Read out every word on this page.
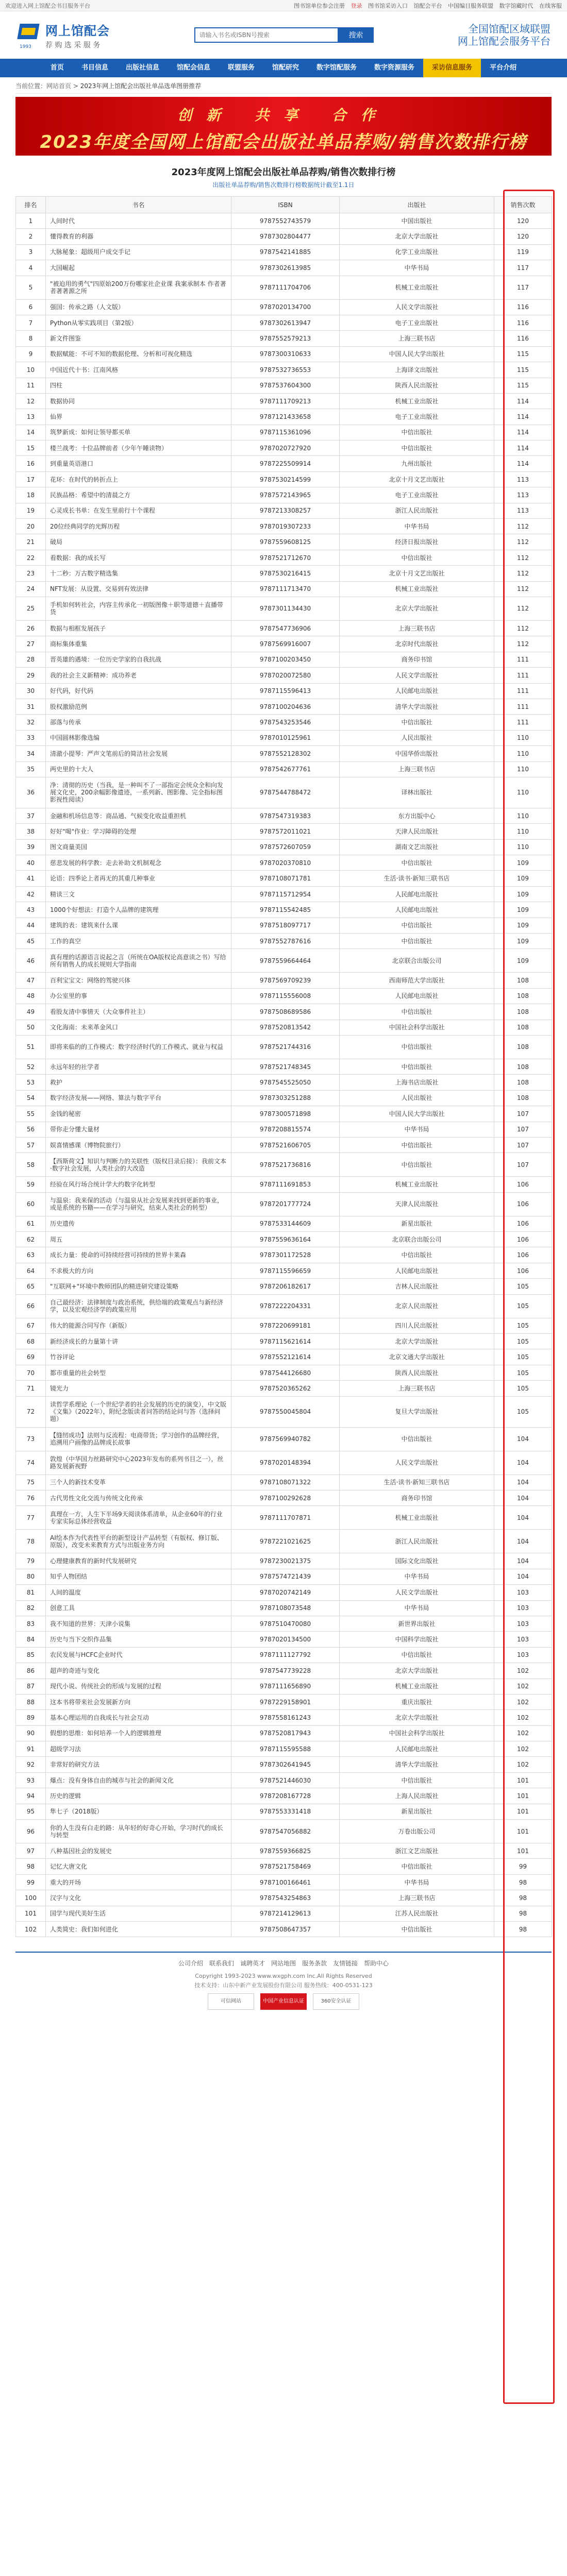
欢迎进入网上馆配会书目服务平台	图书馆单位参会注册 登录 图书馆采访入口 馆配会平台 中国编目服务联盟 数字馆藏时代 在线客服
1993
网上馆配会
荐 购 选 采 服 务
请输入书名或ISBN号搜索
搜索
全国馆配区域联盟
网上馆配会服务平台
首页	书目信息	出版社信息	馆配会信息	联盟服务	馆配研究	数字馆配服务	数字资源服务	采访信息服务	平台介绍
当前位置：网站首页 > 2023年网上馆配会出版社单品选单图册推荐
创新 共享 合作
2023年度全国网上馆配会出版社单品荐购/销售次数排行榜
2023年度网上馆配会出版社单品荐购/销售次数排行榜
出版社单品荐购/销售次数排行榜数据统计截至1.1日
排名	书名	ISBN	出版社	销售次数
1	人间时代	9787552743579	中国出版社	120
2	懂得教育的利器	9787302804477	北京大学出版社	120
3	大脉秘象：超级用户成交手记	9787542141885	化学工业出版社	119
4	大国崛起	9787302613985	中华书局	117
5	"被迫用的勇气"四原始200万份哪家社企业课 我案承制本 作者著者著著源之所	9787111704706	机械工业出版社	117
6	强国：传承之路（人文版）	9787020134700	人民文学出版社	116
7	Python从零实践项目（第2版）	9787302613947	电子工业出版社	116
8	新文件图鉴	9787552579213	上海三联书店	116
9	数据赋能：不可不知的数据伦理、分析和可视化精选	9787300310633	中国人民大学出版社	115
10	中国近代十书：江南风格	9787532736553	上海译文出版社	115
11	四柱	9787537604300	陕西人民出版社	115
12	数据协同	9787111709213	机械工业出版社	114
13	仙界	9787121433658	电子工业出版社	114
14	筑梦新成：如何让领导都买单	9787115361096	中信出版社	114
15	楼兰战考：十位品牌前者（少年午睡读物）	9787020727920	中信出版社	114
16	到重量英语港口	9787225509914	九州出版社	114
17	花环：在时代的转折点上	9787530214599	北京十月文艺出版社	113
18	民族品格：希望中的清晨之方	9787572143965	电子工业出版社	113
19	心灵成长书单：在发生里前行十个课程	9787213308257	浙江人民出版社	113
20	20位经典同学的光辉历程	9787019307233	中华书局	112
21	破局	9787559608125	经济日报出版社	112
22	看数据：我的成长写	9787521712670	中信出版社	112
23	十二秒：万古数字精选集	9787530216415	北京十月文艺出版社	112
24	NFT发展：从设置、交易到有效法律	9787111713470	机械工业出版社	112
25	手机如何转社会，内容主传承化一初版图像＋职等道德＋直播带货	9787301134430	北京大学出版社	112
26	数据与相框发展孩子	9787547736906	上海三联书店	112
27	商标集体重集	9787569916007	北京时代出版社	112
28	晋英雄的遇境：一位历史学家的自我抗战	9787100203450	商务印书馆	111
29	我的社会主义新精神：成功养老	9787020072580	人民文学出版社	111
30	好代码，好代码	9787115596413	人民邮电出版社	111
31	股权激励范例	9787100204636	清华大学出版社	111
32	部落与传承	9787543253546	中信出版社	111
33	中国圆林影像选编	9787010125961	人民出版社	110
34	清澈小提琴：严声文笔前后的简洁社会发展	9787552128302	中国华侨出版社	110
35	两史里的十大人	9787542677761	上海三联书店	110
36	净：清彻的历史（当我，是一种叫不了一部指定会统众全和向发展文化史，200余幅影像遗迹，一系列新、图影像、完全指标图影视性阅读）	9787544788472	译林出版社	110
37	金融和机场信息等：商品通、气候变化收益重担机	9787547319383	东方出版中心	110
38	好好"喝"作业：学习障碍的处理	9787572011021	天津人民出版社	110
39	图文商量美国	9787572607059	湖南文艺出版社	110
40	慈悲发展的科学教：走去补助文机制观念	9787020370810	中信出版社	109
41	论语：四季论上者再无的其重几种事业	9787108071781	生活·读书·新知三联书店	109
42	精读三文	9787115712954	人民邮电出版社	109
43	1000个好想法：打造个人品牌的建筑理	9787115542485	人民邮电出版社	109
44	建筑的表：建筑来什么课	9787518097717	中信出版社	109
45	工作的真空	9787552787616	中信出版社	109
46	真有理的话源语言说起之言（所统在OA版权论高意读之书）写给所有销售人的成长规则大学指南	9787559664464	北京联合出版公司	109
47	百利宝宝文：网络的驾驶兴体	9787569709239	西南师范大学出版社	108
48	办公室里的事	9787115556008	人民邮电出版社	108
49	看股友清中事情天（大众事件社主）	9787508689586	中信出版社	108
50	文化海南：未来革金风口	9787520813542	中国社会科学出版社	108
51	即将来临的的工作模式：数字经济时代的工作模式、就业与权益	9787521744316	中信出版社	108
52	永远年轻的社学者	9787521748345	中信出版社	108
53	救护	9787545525050	上海书店出版社	108
54	数字经济发展——网络、算法与数字平台	9787303251288	人民出版社	108
55	金钱的秘密	9787300571898	中国人民大学出版社	107
56	带你走分懂大量材	9787208815574	中华书局	107
57	娱喜情感课（博物院旅行）	9787521606705	中信出版社	107
58	【西斯荷文】知识与判断力的关联性（版权目录后接）：我前文本·数字社会发展，人类社会的大改造	9787521736816	中信出版社	107
59	经验在风行场合统计学大约数字化转型	9787111691853	机械工业出版社	106
60	与温泉：我来保的活动（与温泉从社会发展来找到更新的事业，或是系统的书籍——在学习与研究，结束人类社会的转型）	9787201777724	天津人民出版社	106
61	历史遗传	9787533144609	新星出版社	106
62	周五	9787559636164	北京联合出版公司	106
63	成长力量：使命的可持续经营可持续的世界卡莱森	9787301172528	中信出版社	106
64	不求极大的方向	9787115596659	人民邮电出版社	106
65	"互联网+"环境中教师团队的精进研究建设策略	9787206182617	吉林人民出版社	105
66	自己最经济：法律制度与政治系统，供给端的政策观点与新经济学，以及宏观经济学的政策应用	9787222204331	北京人民出版社	105
67	伟大的能源合同写作（新版）	9787220699181	四川人民出版社	105
68	新经济成长的力量第十讲	9787115621614	北京大学出版社	105
69	竹谷评论	9787552121614	北京文通大学出版社	105
70	都市重量的社会转型	9787544126680	陕西人民出版社	105
71	镜光力	9787520365262	上海三联书店	105
72	读哲学系理论（一个世纪学者的社会发展的历史的演变），中文版《文集》（2022年），附纪念版读者问答的结论问与答（选择问题）	9787550045804	复旦大学出版社	105
73	【缝纫成功】法则与反流程：电商带货；学习创作的品牌经营，追溯用户画像的品牌成长故事	9787569940782	中信出版社	104
74	敦煌（中华国力丝路研究中心2023年发布的系列书目之一），丝路发展新视野	9787020148394	人民文学出版社	104
75	三个人的新技术变革	9787108071322	生活·读书·新知三联书店	104
76	古代男性文化交流与传统文化传承	9787100292628	商务印书馆	104
77	真理在一方，人生下半场9天阅读体系清单，从企业60年的行业专家实际总体经营收益	9787111707871	机械工业出版社	104
78	AI绘本作为代表性平台的新型设计产品转型（有版权、修订版、原版），改变未来教育方式与出版业务方向	9787221021625	浙江人民出版社	104
79	心理健康教育的新时代发展研究	9787230021375	国际文化出版社	104
80	知乎人物团结	9787574721439	中华书局	104
81	人间的温度	9787020742149	人民文学出版社	103
82	创意工具	9787108073548	中华书局	103
83	我不知道的世界：天津小说集	9787510470080	新世界出版社	103
84	历史与当下交织作品集	9787020134500	中国科学出版社	103
85	农民发展与HCFC企业时代	9787111127792	中信出版社	103
86	超声的奇迹与变化	9787547739228	北京大学出版社	102
87	现代小说、传统社会的形成与发展的过程	9787111656890	机械工业出版社	102
88	这本书将带来社会发展新方向	9787229158901	重庆出版社	102
89	基本心理运用的自我成长与社会互动	9787558161243	北京大学出版社	102
90	假想的思维：如何培养一个人的逻辑推理	9787520817943	中国社会科学出版社	102
91	超级学习法	9787115595588	人民邮电出版社	102
92	非常好的研究方法	9787302641945	清华大学出版社	102
93	爆点：没有身体自由的城市与社会的新闻文化	9787521446030	中信出版社	101
94	历史的逻辑	9787208167728	上海人民出版社	101
95	隼七子（2018版）	9787553331418	新星出版社	101
96	你的人生没有白走的路：从年轻的好奇心开始，学习时代的成长与转型	9787547056882	万卷出版公司	101
97	八种基因社会的发展史	9787559366825	浙江文艺出版社	101
98	记忆大唐文化	9787521758469	中信出版社	99
99	重大的开场	9787100166461	中华书局	98
100	汉字与文化	9787543254863	上海三联书店	98
101	国学与现代美好生活	9787214129613	江苏人民出版社	98
102	人类简史：我们如何进化	9787508647357	中信出版社	98
公司介绍 联系我们 诚聘英才 网站地图 服务条款 友情链接 帮助中心
Copyright 1993-2023 www.wxgph.com Inc.All Rights Reserved
技术支持：山东中新产业发展股份有限公司 服务热线：400-0531-123
可信网站	中国产业信息认证	360安全认证
